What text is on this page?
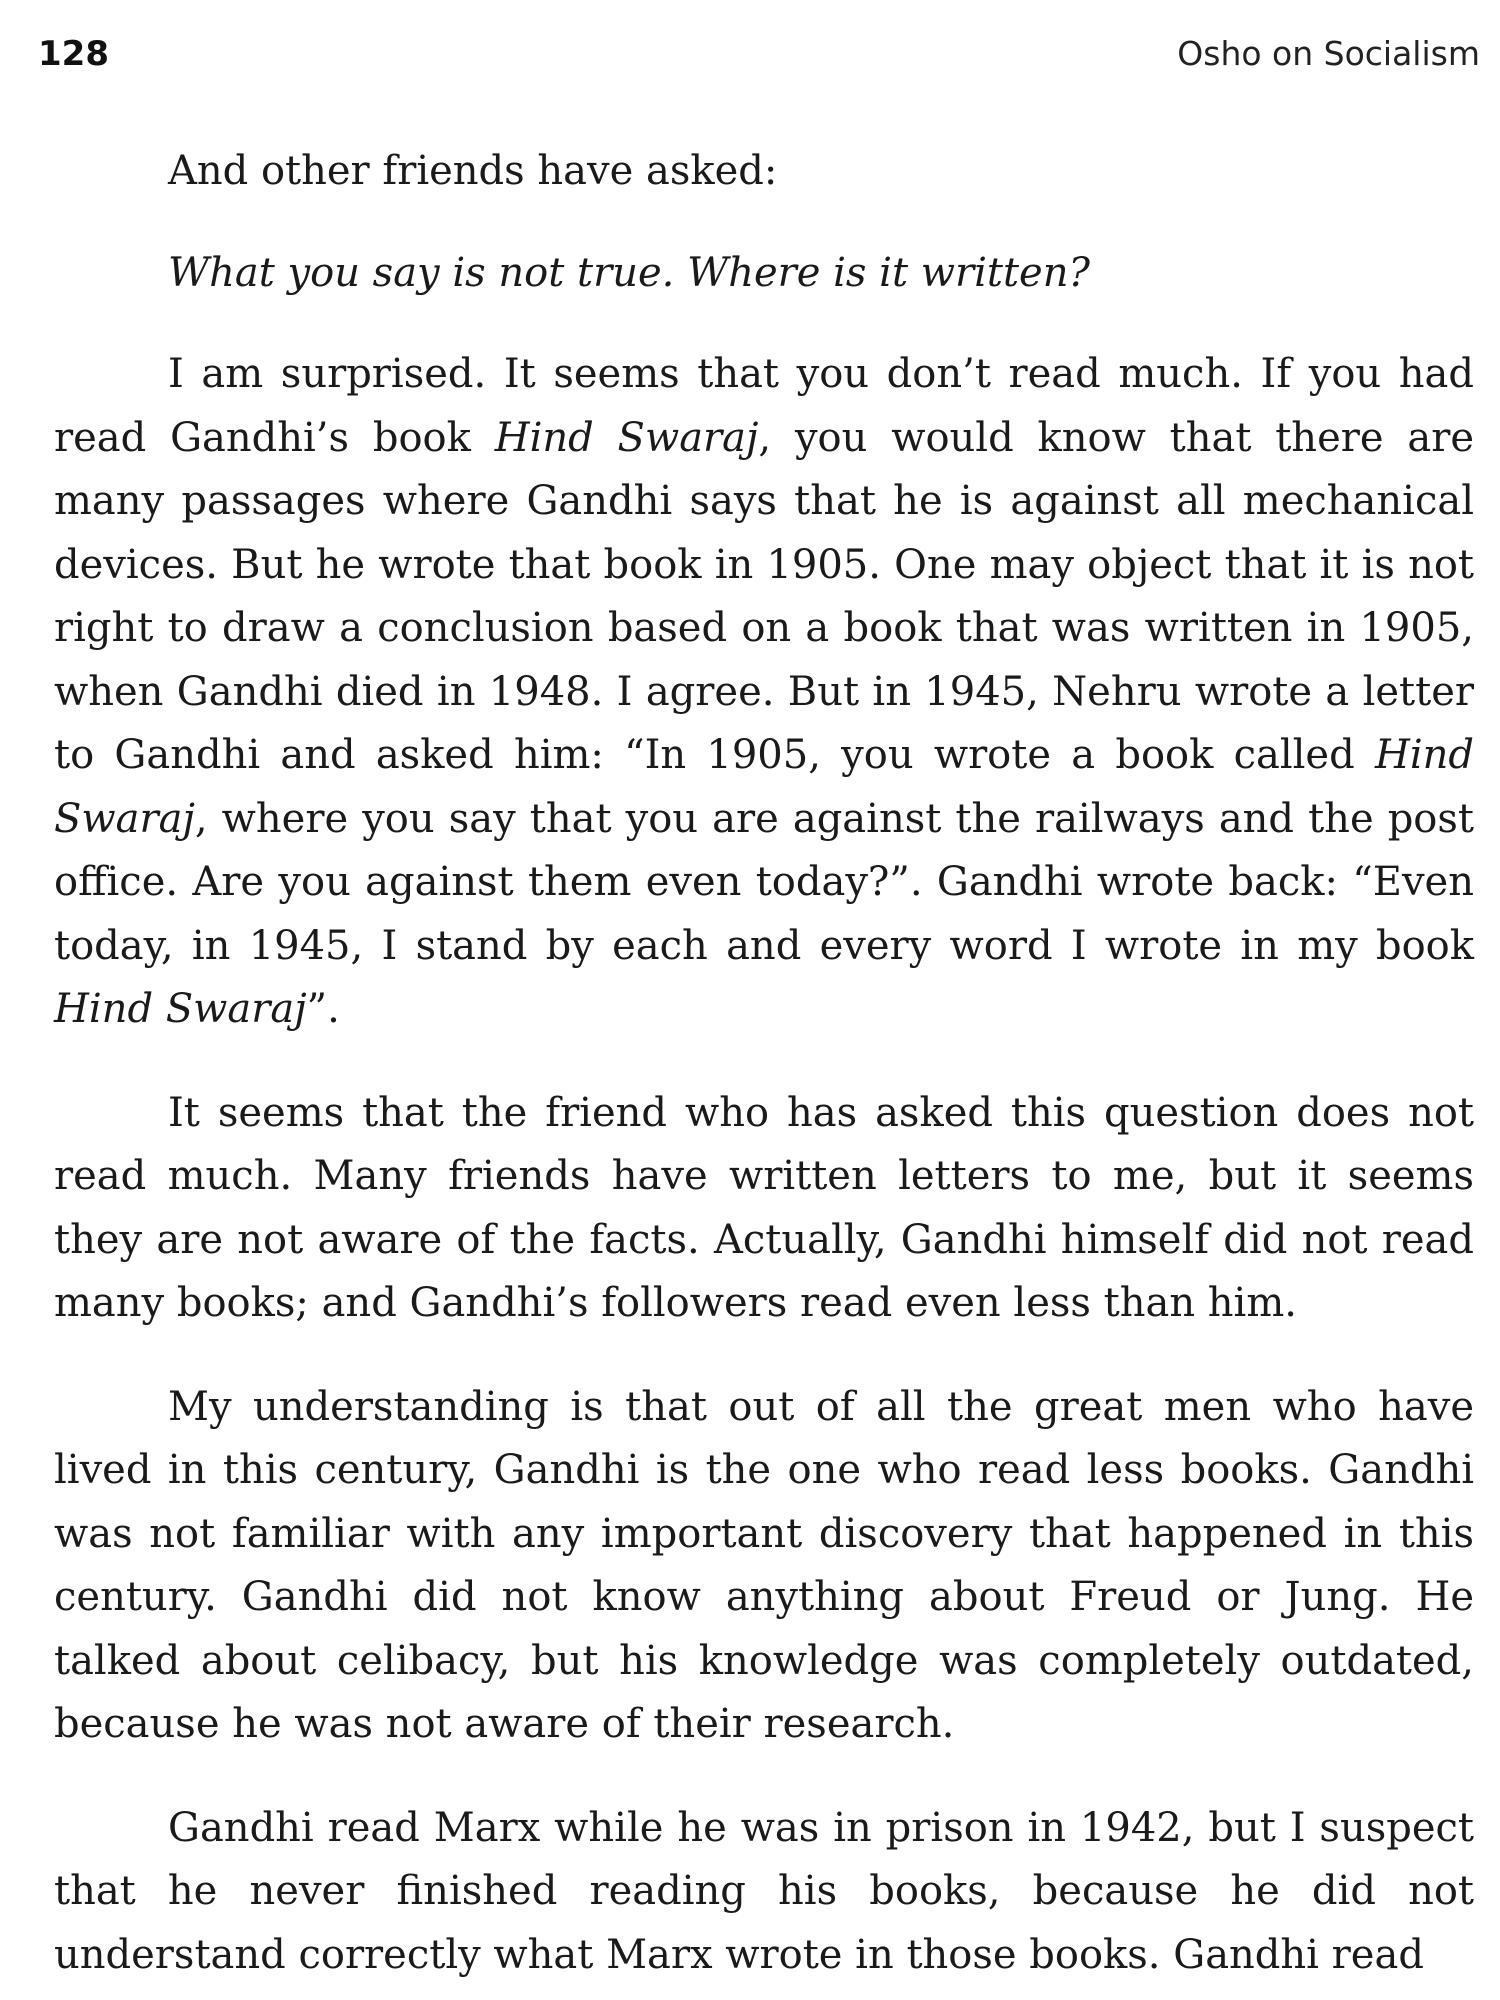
128	Osho on Socialism

And other friends have asked:

What you say is not true. Where is it written?

I am surprised. It seems that you don’t read much. If you had read Gandhi’s book Hind Swaraj, you would know that there are many passages where Gandhi says that he is against all mechanical devices. But he wrote that book in 1905. One may object that it is not right to draw a conclusion based on a book that was written in 1905, when Gandhi died in 1948. I agree. But in 1945, Nehru wrote a letter to Gandhi and asked him: “In 1905, you wrote a book called Hind Swaraj, where you say that you are against the railways and the post office. Are you against them even today?”. Gandhi wrote back: “Even today, in 1945, I stand by each and every word I wrote in my book Hind Swaraj”.

It seems that the friend who has asked this question does not read much. Many friends have written letters to me, but it seems they are not aware of the facts. Actually, Gandhi himself did not read many books; and Gandhi’s followers read even less than him.

My understanding is that out of all the great men who have lived in this century, Gandhi is the one who read less books. Gandhi was not familiar with any important discovery that happened in this century. Gandhi did not know anything about Freud or Jung. He talked about celibacy, but his knowledge was completely outdated, because he was not aware of their research.

Gandhi read Marx while he was in prison in 1942, but I suspect that he never finished reading his books, because he did not understand correctly what Marx wrote in those books. Gandhi read
